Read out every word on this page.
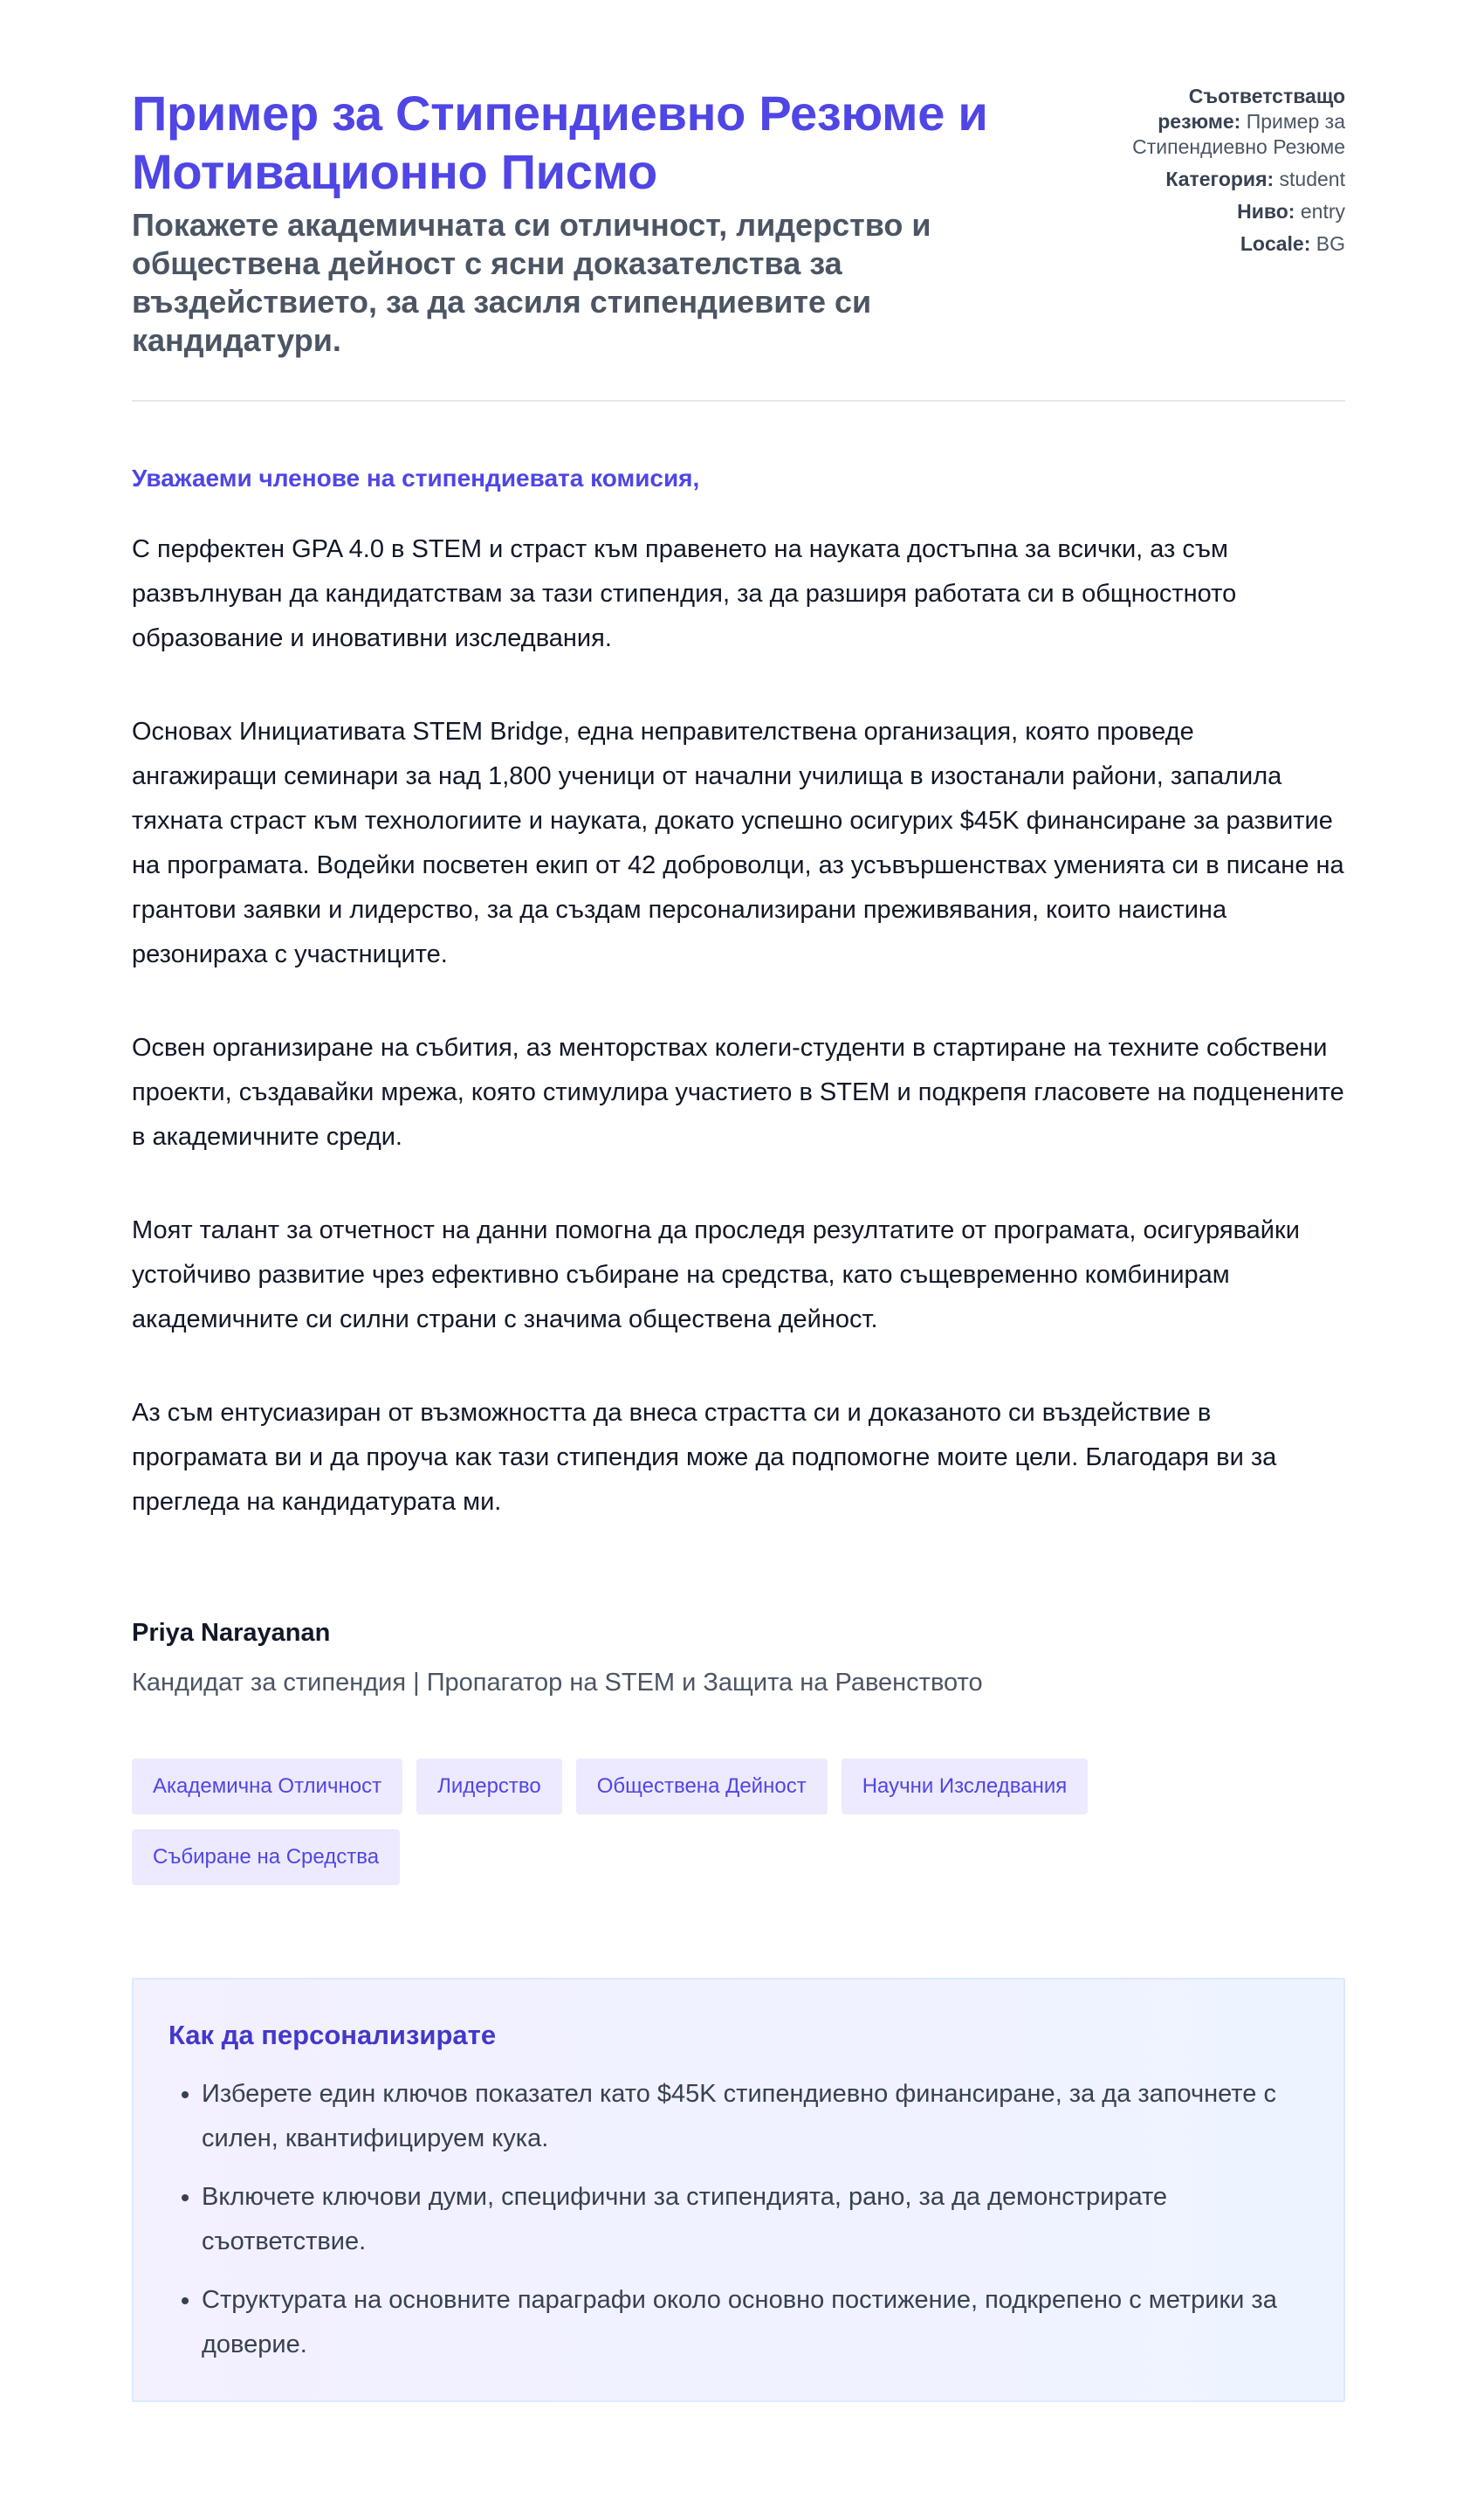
Пример за Стипендиевно Резюме и Мотивационно Писмо

Покажете академичната си отличност, лидерство и обществена дейност с ясни доказателства за въздействието, за да засиля стипендиевите си кандидатури.

Съответстващо резюме: Пример за Стипендиевно Резюме
Категория: student
Ниво: entry
Locale: BG

Уважаеми членове на стипендиевата комисия,

С перфектен GPA 4.0 в STEM и страст към правенето на науката достъпна за всички, аз съм развълнуван да кандидатствам за тази стипендия, за да разширя работата си в общностното образование и иновативни изследвания.

Основах Инициативата STEM Bridge, една неправителствена организация, която проведе ангажиращи семинари за над 1,800 ученици от начални училища в изостанали райони, запалила тяхната страст към технологиите и науката, докато успешно осигурих $45K финансиране за развитие на програмата. Водейки посветен екип от 42 доброволци, аз усъвършенствах уменията си в писане на грантови заявки и лидерство, за да създам персонализирани преживявания, които наистина резонираха с участниците.

Освен организиране на събития, аз менторствах колеги-студенти в стартиране на техните собствени проекти, създавайки мрежа, която стимулира участието в STEM и подкрепя гласовете на подценените в академичните среди.

Моят талант за отчетност на данни помогна да проследя резултатите от програмата, осигурявайки устойчиво развитие чрез ефективно събиране на средства, като същевременно комбинирам академичните си силни страни с значима обществена дейност.

Аз съм ентусиазиран от възможността да внеса страстта си и доказаното си въздействие в програмата ви и да проуча как тази стипендия може да подпомогне моите цели. Благодаря ви за прегледа на кандидатурата ми.

Priya Narayanan

Кандидат за стипендия | Пропагатор на STEM и Защита на Равенството

Академична Отличност	Лидерство	Обществена Дейност	Научни Изследвания
Събиране на Средства
Как да персонализирате
• Изберете един ключов показател като $45K стипендиевно финансиране, за да започнете с силен, квантифицируем кука.
• Включете ключови думи, специфични за стипендията, рано, за да демонстрирате съответствие.
• Структурата на основните параграфи около основно постижение, подкрепено с метрики за доверие.
